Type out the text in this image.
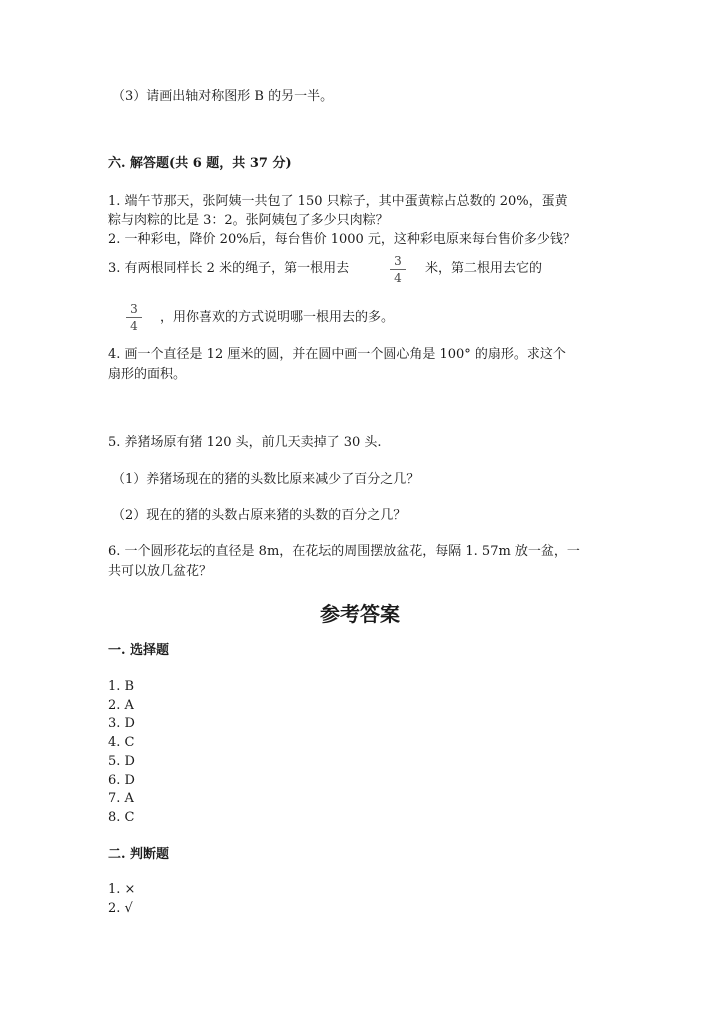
（3）请画出轴对称图形 B 的另一半。
六. 解答题(共 6 题，共 37 分)
1. 端午节那天，张阿姨一共包了 150 只粽子，其中蛋黄粽占总数的 20%，蛋黄
粽与肉粽的比是 3：2。张阿姨包了多少只肉粽？
2. 一种彩电，降价 20%后，每台售价 1000 元，这种彩电原来每台售价多少钱？
3. 有两根同样长 2 米的绳子，第一根用去	3
4
米，第二根用去它的
3
4
，用你喜欢的方式说明哪一根用去的多。
4. 画一个直径是 12 厘米的圆，并在圆中画一个圆心角是 100° 的扇形。求这个
扇形的面积。
5. 养猪场原有猪 120 头，前几天卖掉了 30 头.
（1）养猪场现在的猪的头数比原来减少了百分之几？
（2）现在的猪的头数占原来猪的头数的百分之几？
6. 一个圆形花坛的直径是 8m，在花坛的周围摆放盆花，每隔 1. 57m 放一盆，一
共可以放几盆花？
参考答案
一. 选择题
1. B
2. A
3. D
4. C
5. D
6. D
7. A
8. C
二. 判断题
1. ×
2. √
